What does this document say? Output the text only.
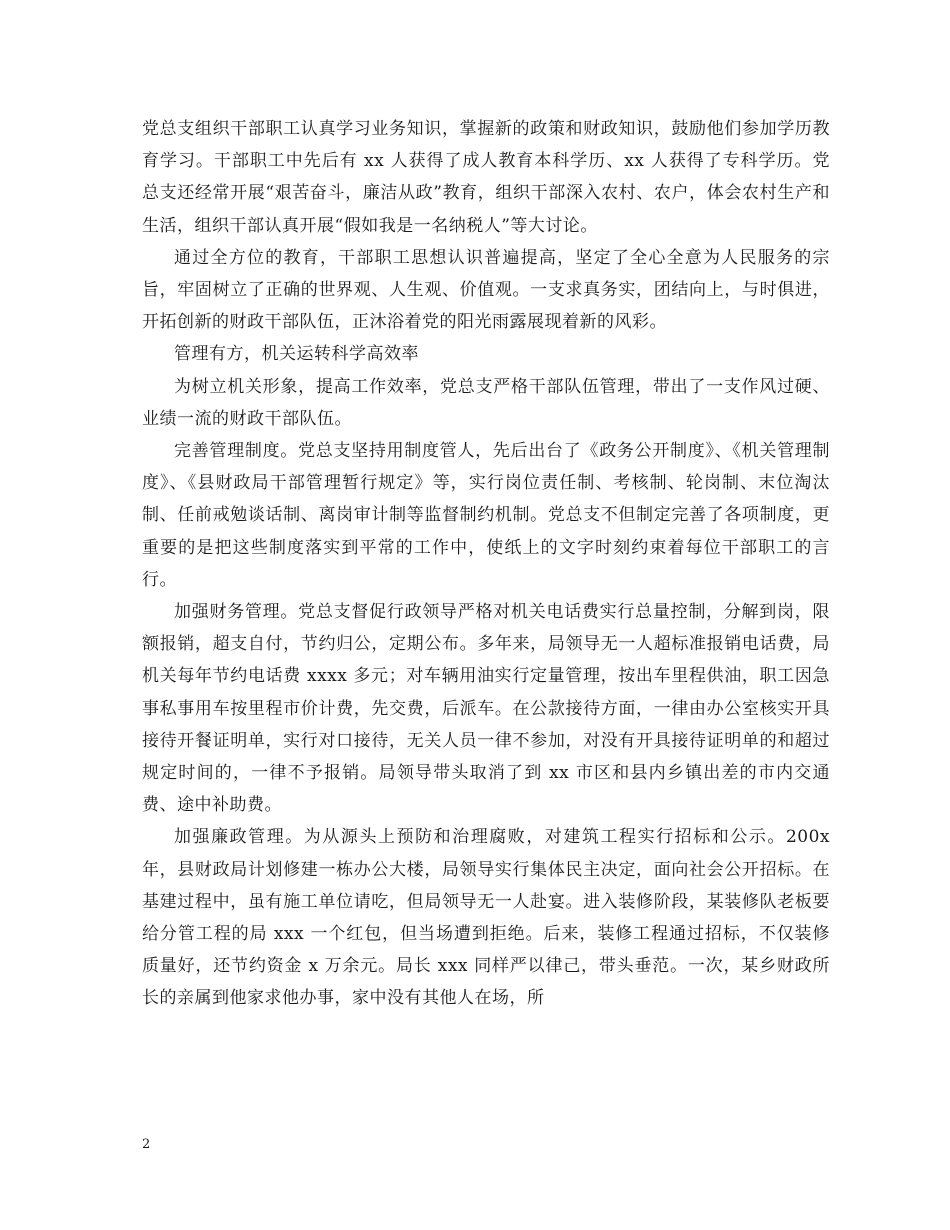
党总支组织干部职工认真学习业务知识，掌握新的政策和财政知识，鼓励他们参加学历教育学习。干部职工中先后有 xx 人获得了成人教育本科学历、xx 人获得了专科学历。党总支还经常开展“艰苦奋斗，廉洁从政”教育，组织干部深入农村、农户，体会农村生产和生活，组织干部认真开展“假如我是一名纳税人”等大讨论。

通过全方位的教育，干部职工思想认识普遍提高，坚定了全心全意为人民服务的宗旨，牢固树立了正确的世界观、人生观、价值观。一支求真务实，团结向上，与时俱进，开拓创新的财政干部队伍，正沐浴着党的阳光雨露展现着新的风彩。

管理有方，机关运转科学高效率

为树立机关形象，提高工作效率，党总支严格干部队伍管理，带出了一支作风过硬、业绩一流的财政干部队伍。

完善管理制度。党总支坚持用制度管人，先后出台了《政务公开制度》、《机关管理制度》、《县财政局干部管理暂行规定》等，实行岗位责任制、考核制、轮岗制、末位淘汰制、任前戒勉谈话制、离岗审计制等监督制约机制。党总支不但制定完善了各项制度，更重要的是把这些制度落实到平常的工作中，使纸上的文字时刻约束着每位干部职工的言行。

加强财务管理。党总支督促行政领导严格对机关电话费实行总量控制，分解到岗，限额报销，超支自付，节约归公，定期公布。多年来，局领导无一人超标准报销电话费，局机关每年节约电话费 xxxx 多元；对车辆用油实行定量管理，按出车里程供油，职工因急事私事用车按里程市价计费，先交费，后派车。在公款接待方面，一律由办公室核实开具接待开餐证明单，实行对口接待，无关人员一律不参加，对没有开具接待证明单的和超过规定时间的，一律不予报销。局领导带头取消了到 xx 市区和县内乡镇出差的市内交通费、途中补助费。

加强廉政管理。为从源头上预防和治理腐败，对建筑工程实行招标和公示。200x 年，县财政局计划修建一栋办公大楼，局领导实行集体民主决定，面向社会公开招标。在基建过程中，虽有施工单位请吃，但局领导无一人赴宴。进入装修阶段，某装修队老板要给分管工程的局 xxx 一个红包，但当场遭到拒绝。后来，装修工程通过招标，不仅装修质量好，还节约资金 x 万余元。局长 xxx 同样严以律己，带头垂范。一次，某乡财政所长的亲属到他家求他办事，家中没有其他人在场，所

2
